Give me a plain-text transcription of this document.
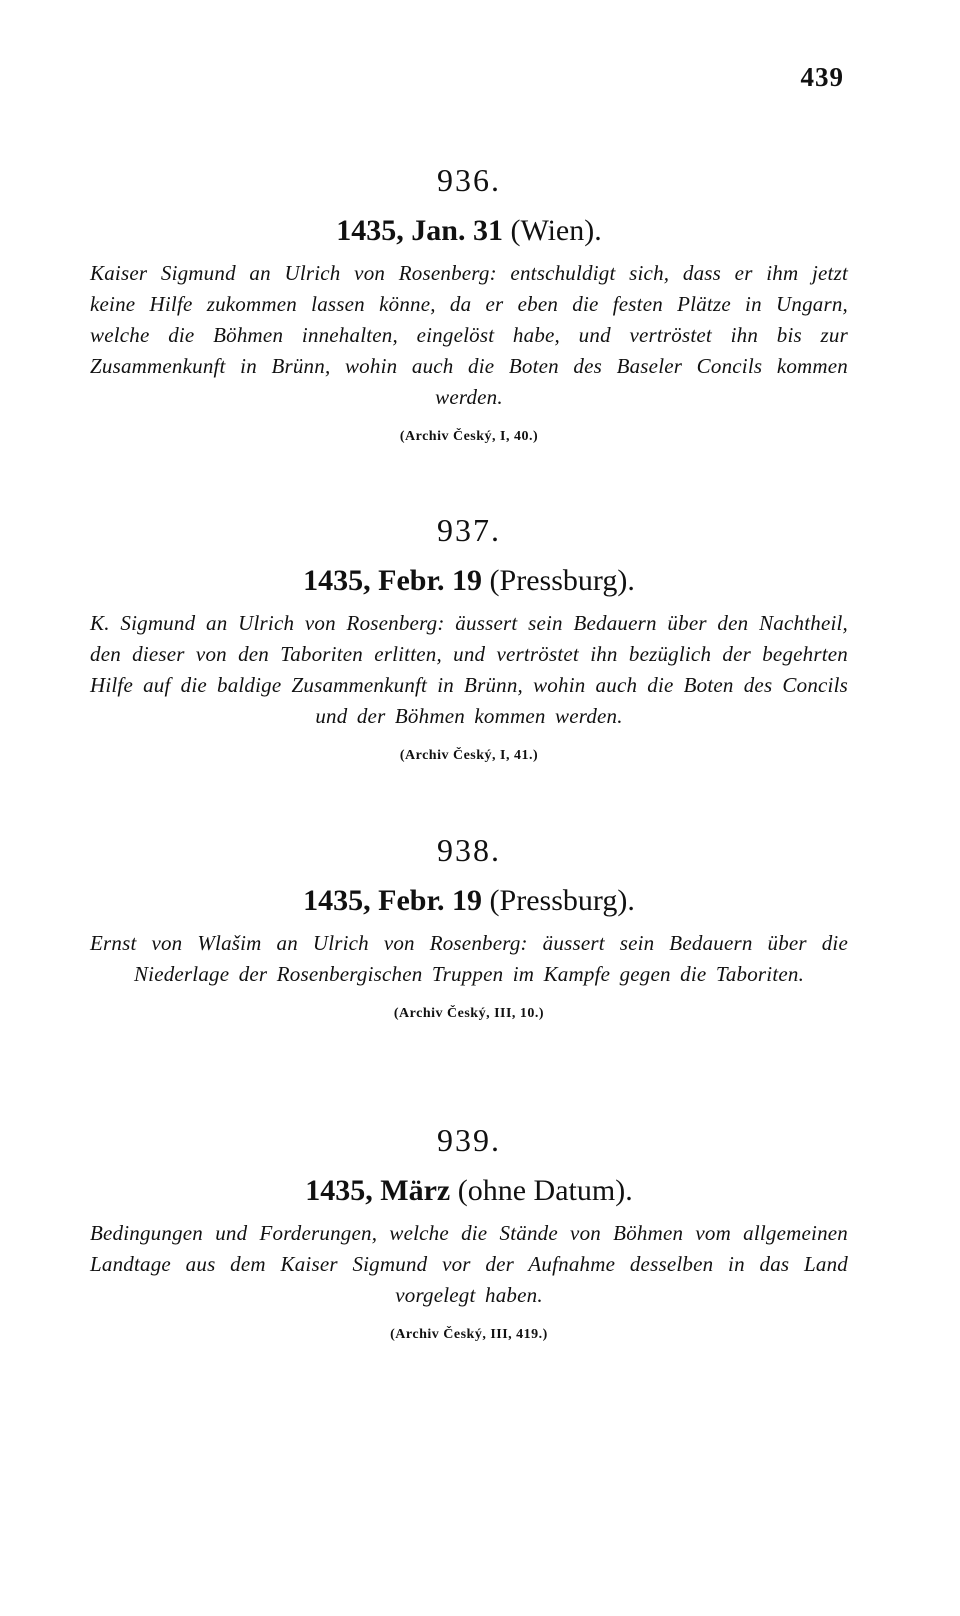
439
936.
1435, Jan. 31 (Wien).
Kaiser Sigmund an Ulrich von Rosenberg: entschuldigt sich, dass er ihm jetzt keine Hilfe zukommen lassen könne, da er eben die festen Plätze in Ungarn, welche die Böhmen innehalten, eingelöst habe, und vertröstet ihn bis zur Zusammenkunft in Brünn, wohin auch die Boten des Baseler Concils kommen werden.
(Archiv Český, I, 40.)
937.
1435, Febr. 19 (Pressburg).
K. Sigmund an Ulrich von Rosenberg: äussert sein Bedauern über den Nachtheil, den dieser von den Taboriten erlitten, und vertröstet ihn bezüglich der begehrten Hilfe auf die baldige Zusammenkunft in Brünn, wohin auch die Boten des Concils und der Böhmen kommen werden.
(Archiv Český, I, 41.)
938.
1435, Febr. 19 (Pressburg).
Ernst von Wlašim an Ulrich von Rosenberg: äussert sein Bedauern über die Niederlage der Rosenbergischen Truppen im Kampfe gegen die Taboriten.
(Archiv Český, III, 10.)
939.
1435, März (ohne Datum).
Bedingungen und Forderungen, welche die Stände von Böhmen vom allgemeinen Landtage aus dem Kaiser Sigmund vor der Aufnahme desselben in das Land vorgelegt haben.
(Archiv Český, III, 419.)
